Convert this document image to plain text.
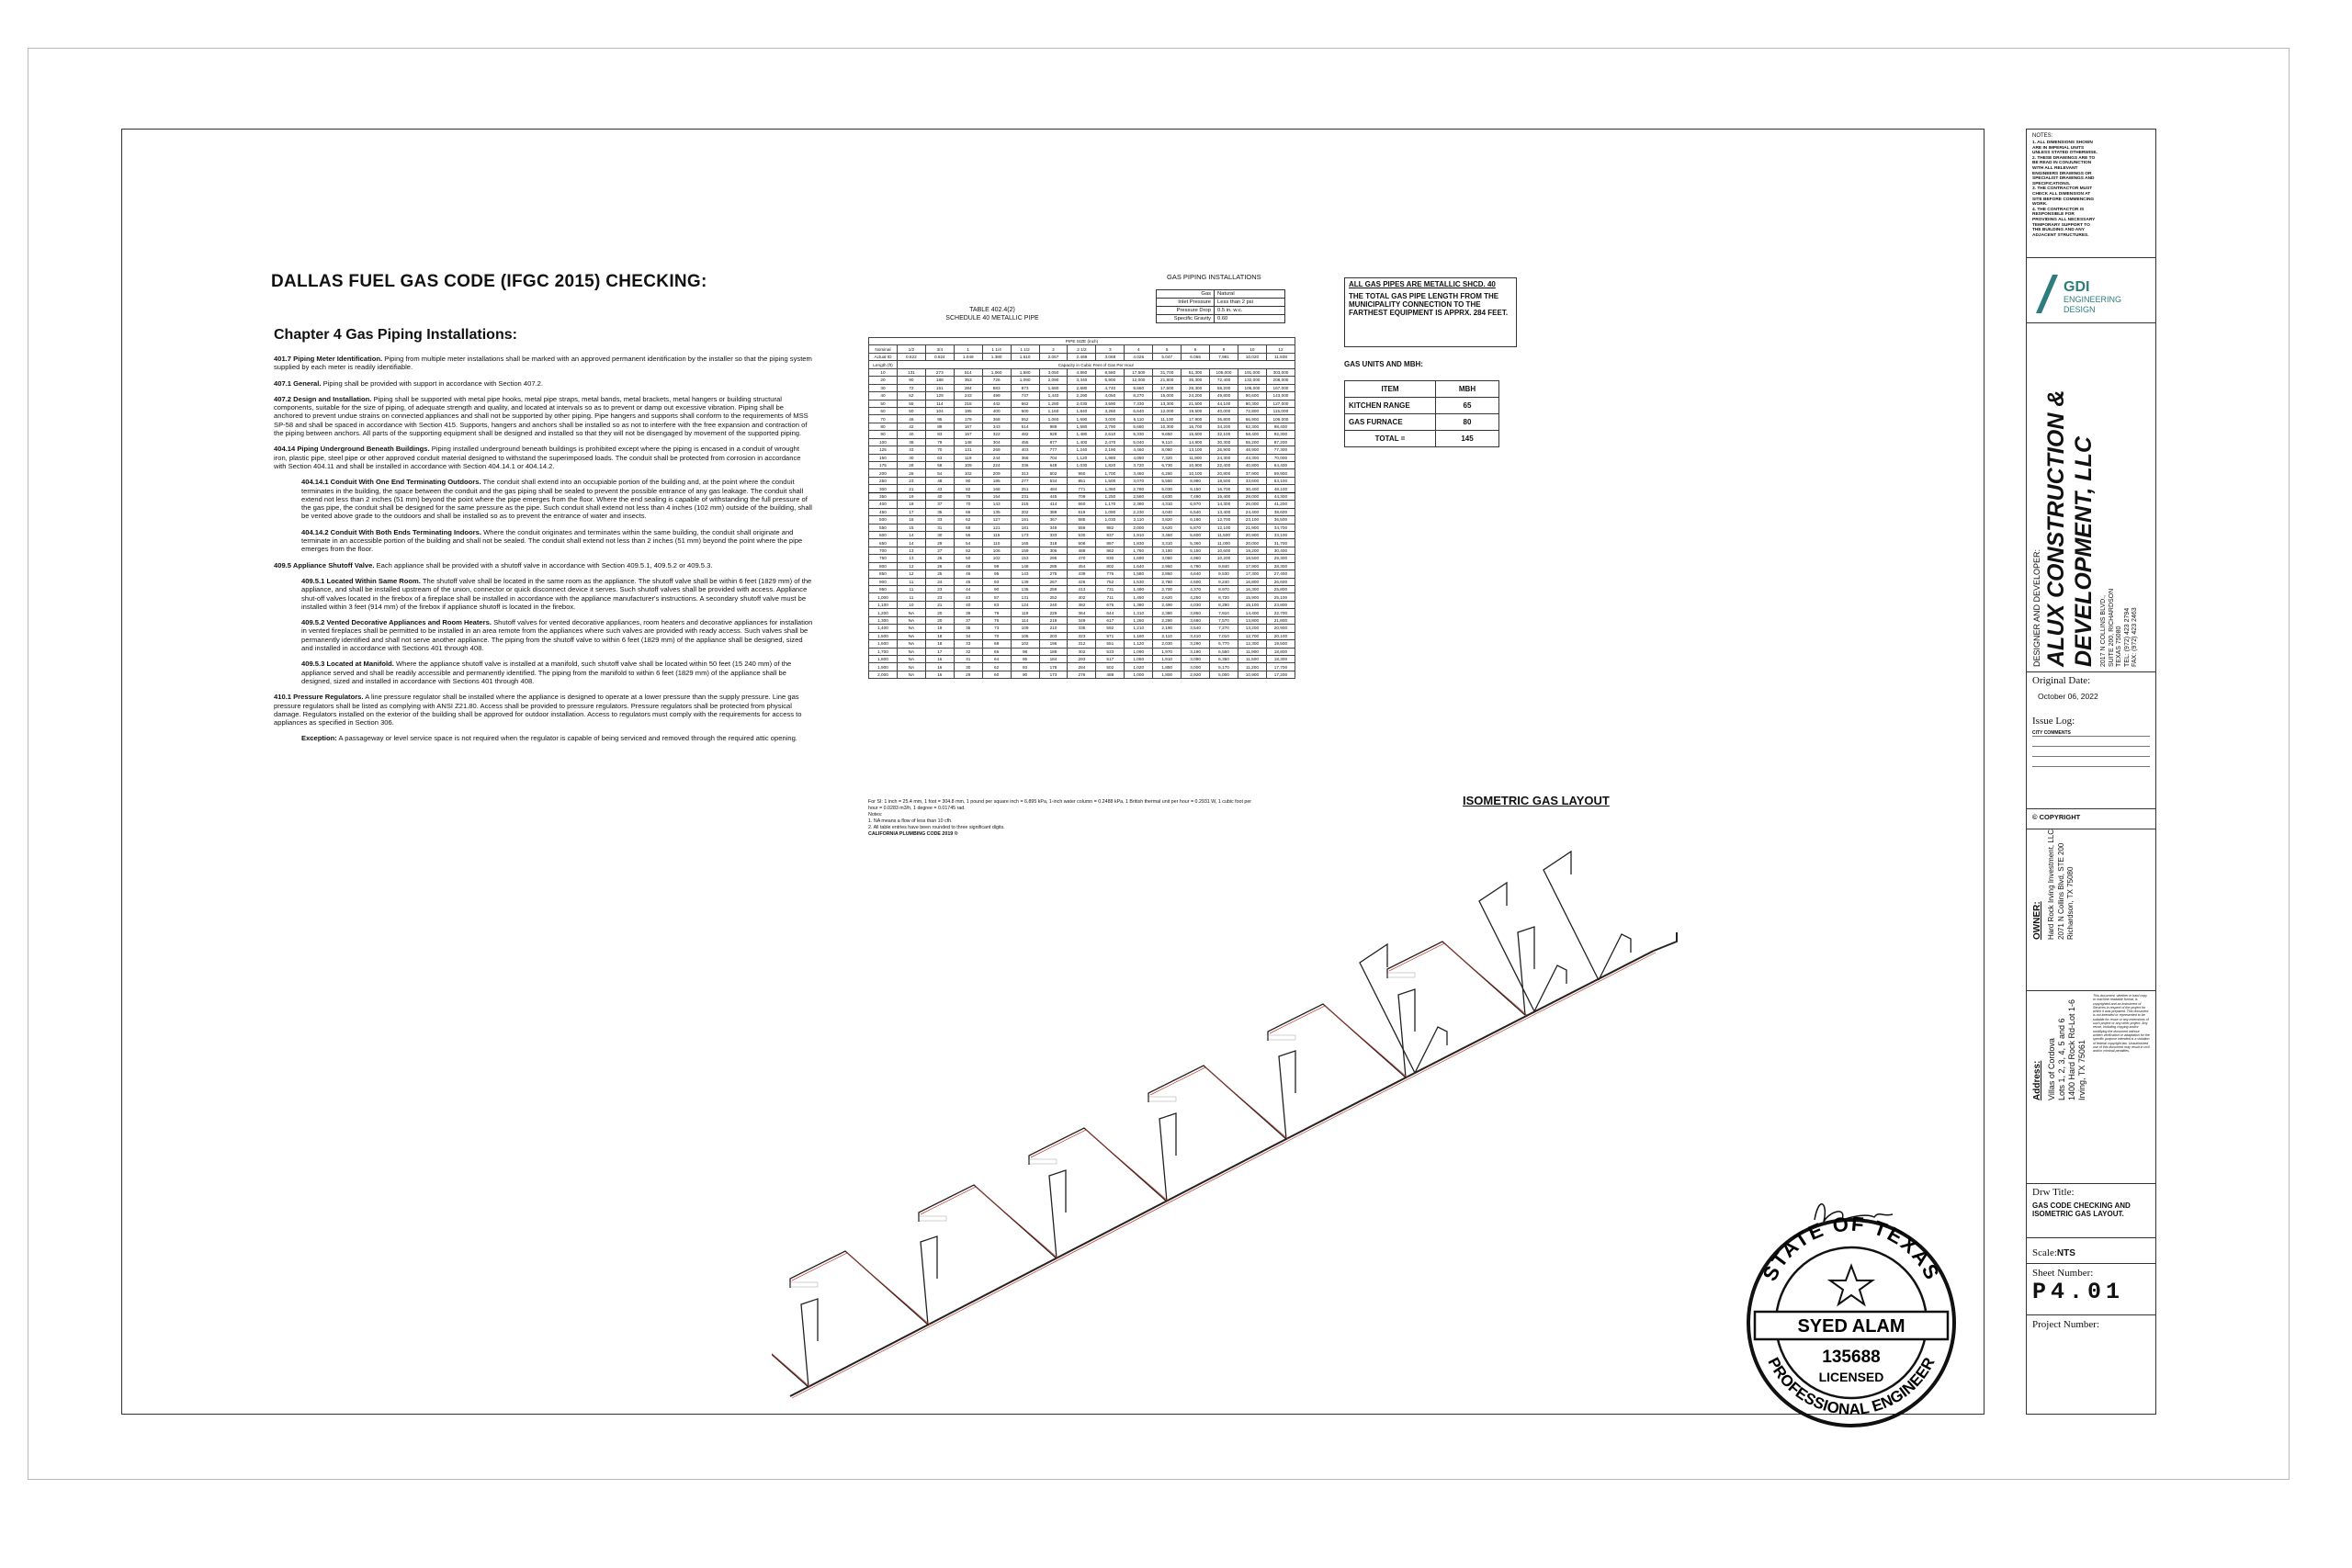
DALLAS FUEL GAS CODE (IFGC 2015) CHECKING:
Chapter 4 Gas Piping Installations:

401.7 Piping Meter Identification. Piping from multiple meter installations shall be marked with an approved permanent identification by the installer so that the piping system supplied by each meter is readily identifiable.

407.1 General. Piping shall be provided with support in accordance with Section 407.2.

407.2 Design and Installation. Piping shall be supported with metal pipe hooks, metal pipe straps, metal bands, metal brackets, metal hangers or building structural components, suitable for the size of piping, of adequate strength and quality, and located at intervals so as to prevent or damp out excessive vibration. Piping shall be anchored to prevent undue strains on connected appliances and shall not be supported by other piping. Pipe hangers and supports shall conform to the requirements of MSS SP-58 and shall be spaced in accordance with Section 415. Supports, hangers and anchors shall be installed so as not to interfere with the free expansion and contraction of the piping between anchors. All parts of the supporting equipment shall be designed and installed so that they will not be disengaged by movement of the supported piping.

404.14 Piping Underground Beneath Buildings. Piping installed underground beneath buildings is prohibited except where the piping is encased in a conduit of wrought iron, plastic pipe, steel pipe or other approved conduit material designed to withstand the superimposed loads. The conduit shall be protected from corrosion in accordance with Section 404.11 and shall be installed in accordance with Section 404.14.1 or 404.14.2.

404.14.1 Conduit With One End Terminating Outdoors. The conduit shall extend into an occupiable portion of the building and, at the point where the conduit terminates in the building, the space between the conduit and the gas piping shall be sealed to prevent the possible entrance of any gas leakage. The conduit shall extend not less than 2 inches (51 mm) beyond the point where the pipe emerges from the floor. Where the end sealing is capable of withstanding the full pressure of the gas pipe, the conduit shall be designed for the same pressure as the pipe. Such conduit shall extend not less than 4 inches (102 mm) outside of the building, shall be vented above grade to the outdoors and shall be installed so as to prevent the entrance of water and insects.

404.14.2 Conduit With Both Ends Terminating Indoors. Where the conduit originates and terminates within the same building, the conduit shall originate and terminate in an accessible portion of the building and shall not be sealed. The conduit shall extend not less than 2 inches (51 mm) beyond the point where the pipe emerges from the floor.

409.5 Appliance Shutoff Valve. Each appliance shall be provided with a shutoff valve in accordance with Section 409.5.1, 409.5.2 or 409.5.3.

409.5.1 Located Within Same Room. The shutoff valve shall be located in the same room as the appliance. The shutoff valve shall be within 6 feet (1829 mm) of the appliance, and shall be installed upstream of the union, connector or quick disconnect device it serves. Such shutoff valves shall be provided with access. Appliance shut-off valves located in the firebox of a fireplace shall be installed in accordance with the appliance manufacturer's instructions. A secondary shutoff valve must be installed within 3 feet (914 mm) of the firebox if appliance shutoff is located in the firebox.

409.5.2 Vented Decorative Appliances and Room Heaters. Shutoff valves for vented decorative appliances, room heaters and decorative appliances for installation in vented fireplaces shall be permitted to be installed in an area remote from the appliances where such valves are provided with ready access. Such valves shall be permanently identified and shall not serve another appliance. The piping from the shutoff valve to within 6 feet (1829 mm) of the appliance shall be designed, sized and installed in accordance with Sections 401 through 408.

409.5.3 Located at Manifold. Where the appliance shutoff valve is installed at a manifold, such shutoff valve shall be located within 50 feet (15 240 mm) of the appliance served and shall be readily accessible and permanently identified. The piping from the manifold to within 6 feet (1829 mm) of the appliance shall be designed, sized and installed in accordance with Sections 401 through 408.

410.1 Pressure Regulators. A line pressure regulator shall be installed where the appliance is designed to operate at a lower pressure than the supply pressure. Line gas pressure regulators shall be listed as complying with ANSI Z21.80. Access shall be provided to pressure regulators. Pressure regulators shall be protected from physical damage. Regulators installed on the exterior of the building shall be approved for outdoor installation. Access to regulators must comply with the requirements for access to appliances as specified in Section 306.

Exception: A passageway or level service space is not required when the regulator is capable of being serviced and removed through the required attic opening.

GAS PIPING INSTALLATIONS
Gas	Natural
Inlet Pressure	Less than 2 psi
Pressure Drop	0.5 in. w.c.
Specific Gravity	0.60
TABLE 402.4(2)
SCHEDULE 40 METALLIC PIPE
PIPE SIZE (inch)														
Nominal	1/2	3/4	1	1 1/4	1 1/2	2	2 1/2	3	4	5	6	8	10	12
Actual ID	0.622	0.824	1.049	1.380	1.610	2.067	2.469	3.068	4.026	5.047	6.065	7.981	10.020	11.938
Length (ft)	Capacity in Cubic Feet of Gas Per Hour													
10	131	273	514	1,060	1,580	3,050	4,860	8,580	17,500	31,700	51,300	105,000	191,000	303,000
20	90	188	353	726	1,090	2,090	3,340	5,900	12,000	21,800	35,300	72,400	132,000	208,000
30	72	151	284	583	873	1,680	2,680	4,740	9,660	17,500	28,300	58,200	106,000	167,000
40	62	129	243	499	747	1,440	2,290	4,050	8,270	15,000	24,200	49,800	90,600	143,000
50	55	114	215	442	662	1,280	2,030	3,590	7,330	13,300	21,500	44,100	80,300	127,000
60	50	104	195	400	600	1,160	1,840	3,260	6,640	12,000	19,500	40,000	72,800	115,000
70	46	95	179	368	552	1,060	1,690	3,000	6,110	11,100	17,900	36,800	66,900	106,000
80	42	89	167	343	514	989	1,580	2,790	5,680	10,300	16,700	34,200	62,300	98,400
90	40	83	157	322	482	928	1,480	2,610	5,330	9,650	15,600	32,100	58,400	92,300
100	38	79	148	304	455	877	1,400	2,470	5,040	9,110	14,800	30,300	55,200	87,200
125	33	70	131	269	403	777	1,240	2,190	4,460	8,080	13,100	26,900	48,900	77,300
150	30	63	119	244	366	704	1,120	1,980	4,050	7,320	11,900	24,300	44,300	70,000
175	28	58	109	224	336	648	1,030	1,820	3,720	6,730	10,900	22,400	40,800	64,400
200	26	54	102	209	313	602	960	1,700	3,460	6,260	10,100	20,800	37,900	59,900
250	23	48	90	185	277	534	851	1,500	3,070	5,550	8,990	18,500	33,600	53,100
300	21	43	82	168	251	484	771	1,360	2,780	5,030	8,150	16,700	30,400	48,100
350	19	40	75	154	231	445	709	1,250	2,560	4,630	7,490	15,400	28,000	44,300
400	18	37	70	143	215	414	660	1,170	2,380	4,310	6,970	14,300	26,000	41,200
450	17	35	66	135	202	389	619	1,090	2,230	4,040	6,540	13,400	24,400	38,600
500	16	33	62	127	191	367	585	1,030	2,110	3,820	6,180	12,700	23,100	36,500
550	15	31	59	121	181	349	556	982	2,000	3,620	5,870	12,100	21,900	34,700
600	14	30	56	115	173	333	530	937	1,910	3,460	5,600	11,500	20,900	33,100
650	14	29	54	110	165	318	508	897	1,830	3,310	5,360	11,000	20,000	31,700
700	13	27	52	106	159	306	488	862	1,760	3,180	5,150	10,600	19,200	30,400
750	13	26	50	102	153	295	470	830	1,690	3,060	4,960	10,200	18,500	29,300
800	12	26	48	99	148	285	454	802	1,640	2,960	4,790	9,840	17,900	28,300
850	12	25	46	95	143	275	439	776	1,580	2,860	4,640	9,530	17,300	27,400
900	11	24	45	93	139	267	426	752	1,530	2,780	4,500	9,240	16,800	26,600
950	11	23	44	90	135	259	413	731	1,490	2,700	4,370	8,970	16,300	25,800
1,000	11	23	43	87	131	252	402	711	1,450	2,620	4,250	8,720	15,900	25,100
1,100	10	21	40	83	124	240	382	675	1,380	2,490	4,030	8,290	15,100	23,800
1,200	NA	20	39	79	119	229	364	644	1,310	2,380	3,850	7,910	14,400	22,700
1,300	NA	20	37	76	114	219	349	617	1,260	2,280	3,680	7,570	13,800	21,800
1,400	NA	19	35	73	109	210	335	592	1,210	2,190	3,540	7,270	13,200	20,900
1,500	NA	18	34	70	105	203	323	571	1,160	2,110	3,410	7,010	12,700	20,100
1,600	NA	18	33	68	102	196	312	551	1,120	2,030	3,290	6,770	12,300	19,500
1,700	NA	17	32	66	98	189	302	533	1,090	1,970	3,190	6,550	11,900	18,800
1,800	NA	16	31	64	95	184	293	517	1,050	1,910	3,090	6,350	11,500	18,300
1,900	NA	16	30	62	93	178	284	502	1,020	1,850	3,000	6,170	11,200	17,700
2,000	NA	16	29	60	90	173	276	488	1,000	1,800	2,920	6,000	10,900	17,200
For SI: 1 inch = 25.4 mm, 1 foot = 304.8 mm, 1 pound per square inch = 6.895 kPa, 1-inch water column = 0.2488 kPa, 1 British thermal unit per hour = 0.2931 W, 1 cubic foot per hour = 0.0283 m3/h, 1 degree = 0.01745 rad.
Notes:
1. NA means a flow of less than 10 cfh.
2. All table entries have been rounded to three significant digits.
CALIFORNIA PLUMBING CODE 2019 ®
ALL GAS PIPES ARE METALLIC SHCD. 40
THE TOTAL GAS PIPE LENGTH FROM THE MUNICIPALITY CONNECTION TO THE FARTHEST EQUIPMENT IS APPRX. 284 FEET.
GAS UNITS AND MBH:
ITEM	MBH
KITCHEN RANGE	65
GAS FURNACE	80
TOTAL =	145
ISOMETRIC GAS LAYOUT
STATE OF TEXAS
SYED ALAM
135688
LICENSED
PROFESSIONAL ENGINEER
NOTES:
1. ALL DIMENSIONS SHOWN ARE IN IMPERIAL UNITS UNLESS STATED OTHERWISE.
2. THESE DRAWINGS ARE TO BE READ IN CONJUNCTION WITH ALL RELEVANT ENGINEERS DRAWINGS OR SPECIALIST DRAWINGS AND SPECIFICATIONS.
3. THE CONTRACTOR MUST CHECK ALL DIMENSION AT SITE BEFORE COMMENCING WORK.
4. THE CONTRACTOR IS RESPONSIBLE FOR PROVIDING ALL NECESSARY TEMPORARY SUPPORT TO THE BUILDING AND ANY ADJACENT STRUCTURES.
GDI
ENGINEERING
DESIGN
DESIGNER AND DEVELOPER: ALUX CONSTRUCTION & DEVELOPMENT, LLC 2017 N COLLINS BLVD., SUITE 200, RICHARDSON TEXAS 75080 TEL: (972) 423 2794 FAX: (972) 423 2463
Original Date:
October 06, 2022
Issue Log:
CITY COMMENTS
© COPYRIGHT
OWNER: Hard Rock Irving Investment, LLC 2071 N Collins Blvd, STE 200 Richardson, TX 75080
Address: Villas of Cordova Lots 1, 2, 3, 4, 5 and 6 1400 Hard Rock Rd-Lot 1-6 Irving, TX 75061
This document, whether in hard copy or machine readable format, is copyrighted and an instrument of Services in respect of the project for which it was prepared. This document is not intended or represented to be suitable for reuse or any extensions of such project or any other project. Any reuse, including copying and/or modifying the document without written verification or adaptation for the specific purpose intended is a violation of federal copyright law. Unauthorized use of this document may result in civil and/or criminal penalties.
Drw Title:
GAS CODE CHECKING AND ISOMETRIC GAS LAYOUT.
Scale:NTS
Sheet Number:
P4.01
Project Number:
